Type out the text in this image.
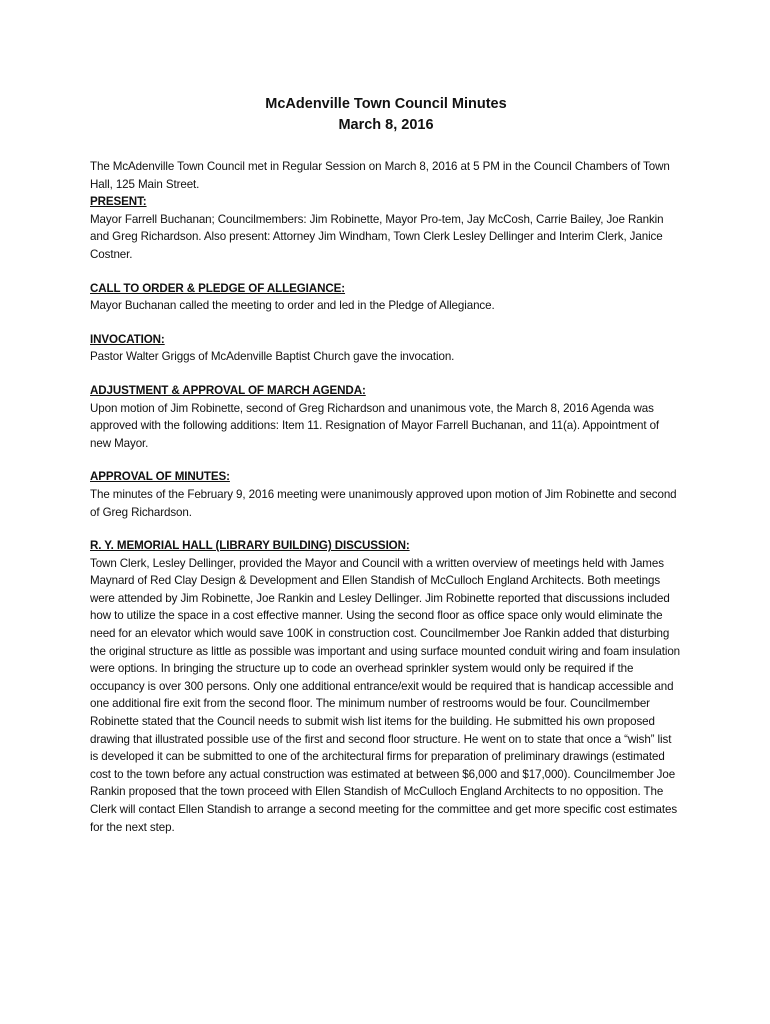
McAdenville Town Council Minutes
March 8, 2016

The McAdenville Town Council met in Regular Session on March 8, 2016 at 5 PM in the Council Chambers of Town Hall, 125 Main Street.

PRESENT:

Mayor Farrell Buchanan; Councilmembers: Jim Robinette, Mayor Pro-tem, Jay McCosh, Carrie Bailey, Joe Rankin and Greg Richardson. Also present: Attorney Jim Windham, Town Clerk Lesley Dellinger and Interim Clerk, Janice Costner.

CALL TO ORDER & PLEDGE OF ALLEGIANCE:

Mayor Buchanan called the meeting to order and led in the Pledge of Allegiance.

INVOCATION:

Pastor Walter Griggs of McAdenville Baptist Church gave the invocation.

ADJUSTMENT & APPROVAL OF MARCH AGENDA:

Upon motion of Jim Robinette, second of Greg Richardson and unanimous vote, the March 8, 2016 Agenda was approved with the following additions: Item 11. Resignation of Mayor Farrell Buchanan, and 11(a). Appointment of new Mayor.

APPROVAL OF MINUTES:

The minutes of the February 9, 2016 meeting were unanimously approved upon motion of Jim Robinette and second of Greg Richardson.

R. Y. MEMORIAL HALL (LIBRARY BUILDING) DISCUSSION:

Town Clerk, Lesley Dellinger, provided the Mayor and Council with a written overview of meetings held with James Maynard of Red Clay Design & Development and Ellen Standish of McCulloch England Architects. Both meetings were attended by Jim Robinette, Joe Rankin and Lesley Dellinger. Jim Robinette reported that discussions included how to utilize the space in a cost effective manner. Using the second floor as office space only would eliminate the need for an elevator which would save 100K in construction cost. Councilmember Joe Rankin added that disturbing the original structure as little as possible was important and using surface mounted conduit wiring and foam insulation were options. In bringing the structure up to code an overhead sprinkler system would only be required if the occupancy is over 300 persons. Only one additional entrance/exit would be required that is handicap accessible and one additional fire exit from the second floor. The minimum number of restrooms would be four. Councilmember Robinette stated that the Council needs to submit wish list items for the building. He submitted his own proposed drawing that illustrated possible use of the first and second floor structure. He went on to state that once a “wish” list is developed it can be submitted to one of the architectural firms for preparation of preliminary drawings (estimated cost to the town before any actual construction was estimated at between $6,000 and $17,000). Councilmember Joe Rankin proposed that the town proceed with Ellen Standish of McCulloch England Architects to no opposition. The Clerk will contact Ellen Standish to arrange a second meeting for the committee and get more specific cost estimates for the next step.
